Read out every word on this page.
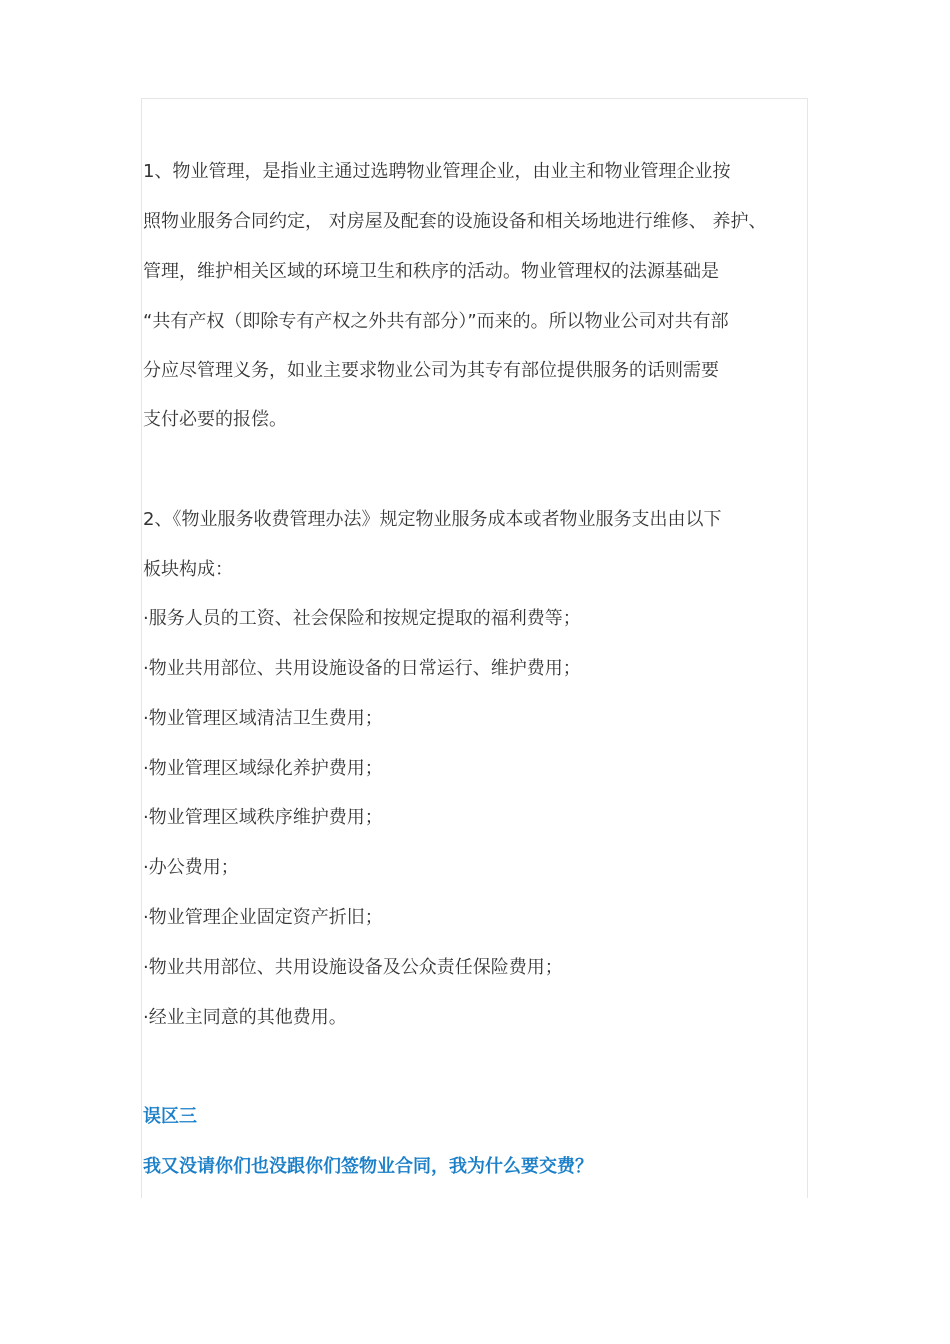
1、物业管理，是指业主通过选聘物业管理企业，由业主和物业管理企业按
照物业服务合同约定， 对房屋及配套的设施设备和相关场地进行维修、 养护、
管理，维护相关区域的环境卫生和秩序的活动。物业管理权的法源基础是
“共有产权（即除专有产权之外共有部分）”而来的。所以物业公司对共有部
分应尽管理义务，如业主要求物业公司为其专有部位提供服务的话则需要
支付必要的报偿。
2、《物业服务收费管理办法》规定物业服务成本或者物业服务支出由以下
板块构成：
·服务人员的工资、社会保险和按规定提取的福利费等；
·物业共用部位、共用设施设备的日常运行、维护费用；
·物业管理区域清洁卫生费用；
·物业管理区域绿化养护费用；
·物业管理区域秩序维护费用；
·办公费用；
·物业管理企业固定资产折旧；
·物业共用部位、共用设施设备及公众责任保险费用；
·经业主同意的其他费用。
误区三
我又没请你们也没跟你们签物业合同，我为什么要交费？
